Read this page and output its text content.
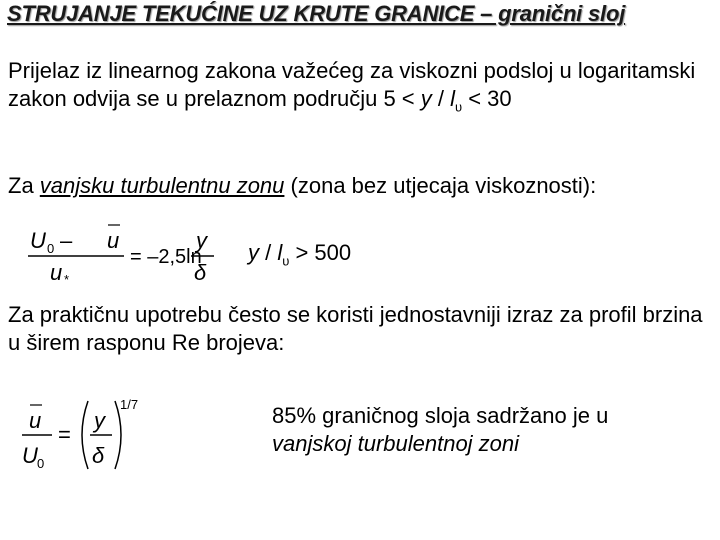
STRUJANJE TEKUĆINE UZ KRUTE GRANICE – granični sloj
Prijelaz iz linearnog zakona važećeg za viskozni podsloj u logaritamski zakon odvija se u prelaznom području $5 < y / l_\upsilon < 30$
Za vanjsku turbulentnu zonu (zona bez utjecaja viskoznosti):
U 0 – u
u *
= –2,5ln
y
δ
$y / l_\upsilon > 500$
Za praktičnu upotrebu često se koristi jednostavniji izraz za profil brzina u širem rasponu Re brojeva:
u
U 0
=
y
δ
1/7	85% graničnog sloja sadržano je u
vanjskoj turbulentnoj zoni
